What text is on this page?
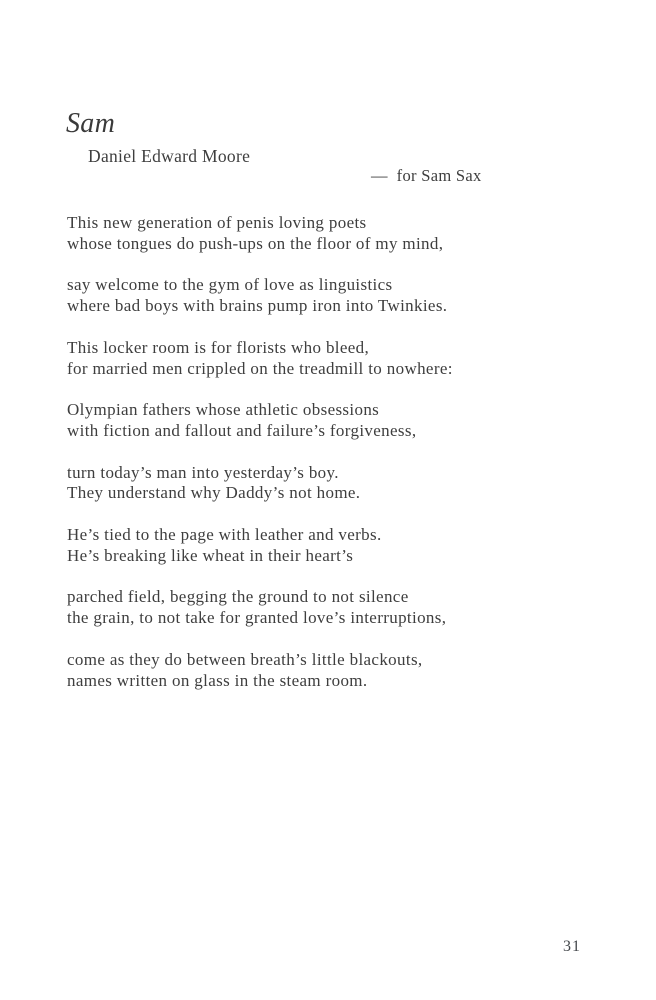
Sam
Daniel Edward Moore
—  for Sam Sax
This new generation of penis loving poets
whose tongues do push-ups on the floor of my mind,
say welcome to the gym of love as linguistics
where bad boys with brains pump iron into Twinkies.
This locker room is for florists who bleed,
for married men crippled on the treadmill to nowhere:
Olympian fathers whose athletic obsessions
with fiction and fallout and failure’s forgiveness,
turn today’s man into yesterday’s boy.
They understand why Daddy’s not home.
He’s tied to the page with leather and verbs.
He’s breaking like wheat in their heart’s
parched field, begging the ground to not silence
the grain, to not take for granted love’s interruptions,
come as they do between breath’s little blackouts,
names written on glass in the steam room.
31
